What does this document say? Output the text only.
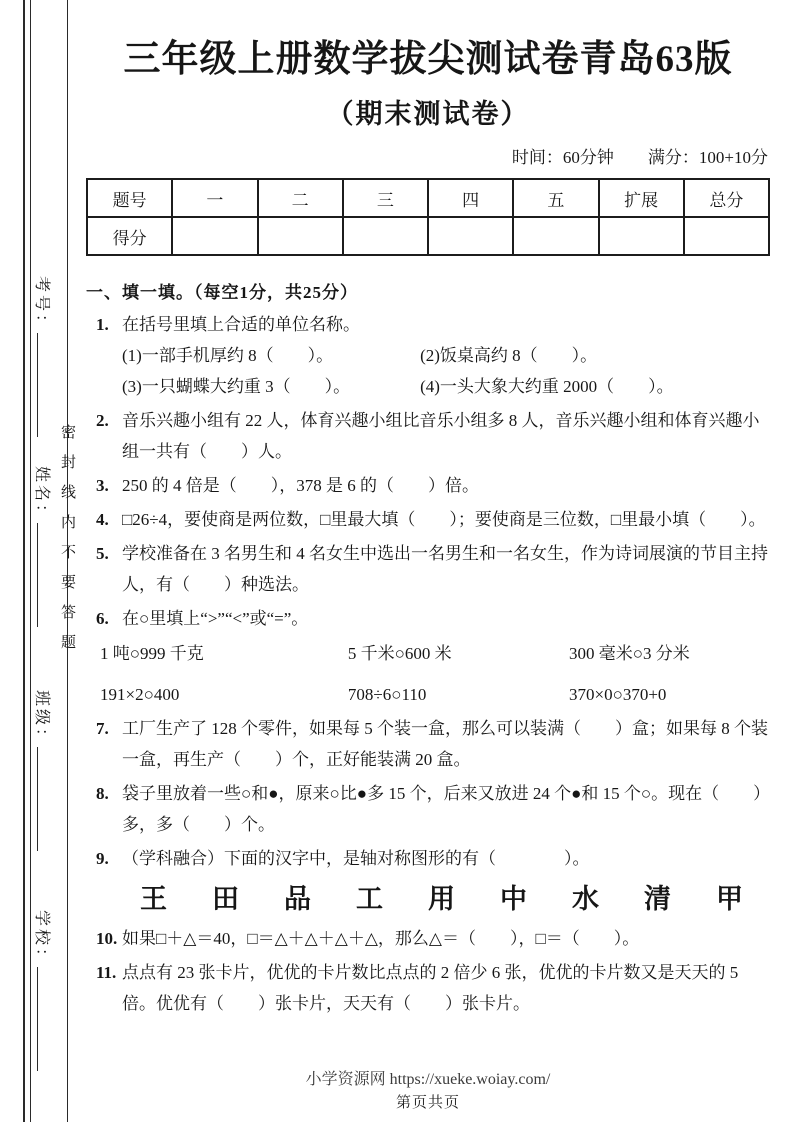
考号：
姓名：
班级：
学校：
密封线内不要答题
三年级上册数学拔尖测试卷青岛63版
（期末测试卷）
时间：60分钟 满分：100+10分
题号	一	二	三	四	五	扩展	总分
得分							
一、填一填。（每空1分，共25分）
1. 在括号里填上合适的单位名称。
(1)一部手机厚约 8（　　）。	(2)饭桌高约 8（　　）。
(3)一只蝴蝶大约重 3（　　）。	(4)一头大象大约重 2000（　　）。
2. 音乐兴趣小组有 22 人，体育兴趣小组比音乐小组多 8 人，音乐兴趣小组和体育兴趣小组一共有（　　）人。
3. 250 的 4 倍是（　　），378 是 6 的（　　）倍。
4. □26÷4，要使商是两位数，□里最大填（　　）；要使商是三位数，□里最小填（　　）。
5. 学校准备在 3 名男生和 4 名女生中选出一名男生和一名女生，作为诗词展演的节目主持人，有（　　）种选法。
6. 在○里填上“>”“<”或“=”。
1 吨○999 千克	5 千米○600 米	300 毫米○3 分米
191×2○400	708÷6○110	370×0○370+0
7. 工厂生产了 128 个零件，如果每 5 个装一盒，那么可以装满（　　）盒；如果每 8 个装一盒，再生产（　　）个，正好能装满 20 盒。
8. 袋子里放着一些○和●，原来○比●多 15 个，后来又放进 24 个●和 15 个○。现在（　　）多，多（　　）个。
9. （学科融合）下面的汉字中，是轴对称图形的有（　　　　）。
王　田　品　工　用　中　水　清　甲
10. 如果□＋△＝40，□＝△＋△＋△＋△，那么△＝（　　），□＝（　　）。
11. 点点有 23 张卡片，优优的卡片数比点点的 2 倍少 6 张，优优的卡片数又是天天的 5 倍。优优有（　　）张卡片，天天有（　　）张卡片。
小学资源网 https://xueke.woiay.com/
第页共页
